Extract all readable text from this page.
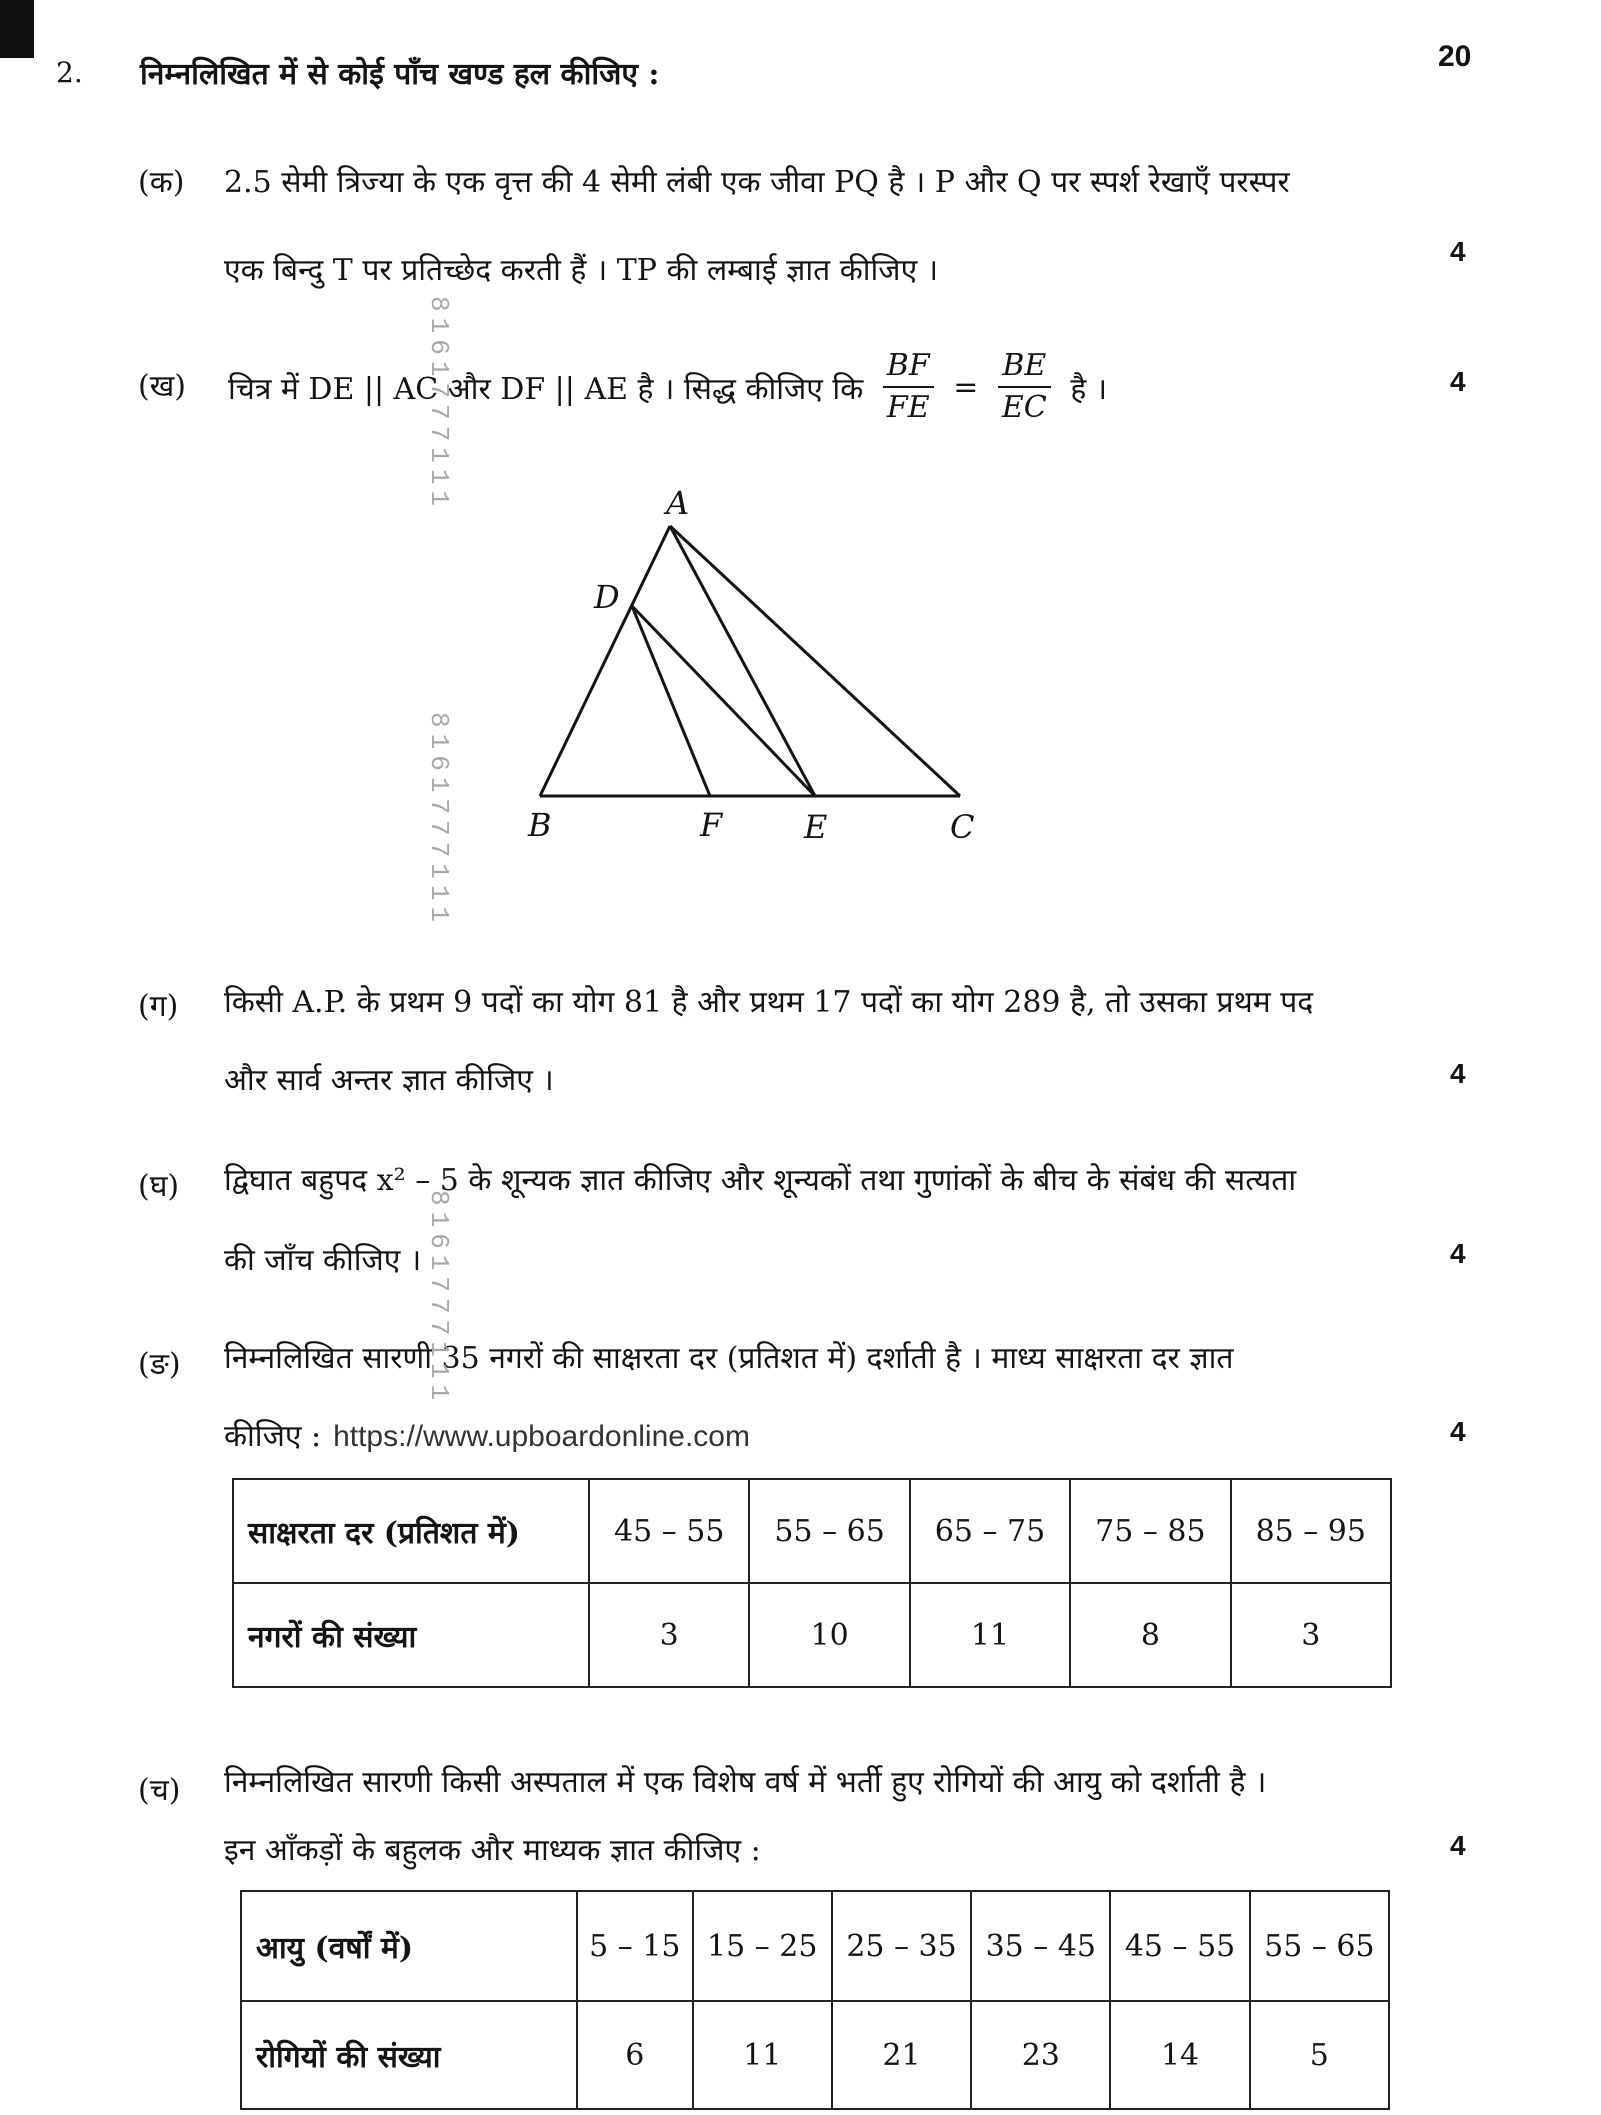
20
2. निम्नलिखित में से कोई पाँच खण्ड हल कीजिए :
(क) 2.5 सेमी त्रिज्या के एक वृत्त की 4 सेमी लंबी एक जीवा PQ है । P और Q पर स्पर्श रेखाएँ परस्पर
एक बिन्दु T पर प्रतिच्छेद करती हैं । TP की लम्बाई ज्ञात कीजिए ।
4
(ख) चित्र में DE || AC और DF || AE है । सिद्ध कीजिए कि $\frac{BF}{FE} = \frac{BE}{EC}$ है ।	4
A
D
B	F	E	C
(ग) किसी A.P. के प्रथम 9 पदों का योग 81 है और प्रथम 17 पदों का योग 289 है, तो उसका प्रथम पद
और सार्व अन्तर ज्ञात कीजिए ।	4
(घ) द्विघात बहुपद x² – 5 के शून्यक ज्ञात कीजिए और शून्यकों तथा गुणांकों के बीच के संबंध की सत्यता
की जाँच कीजिए ।	4
(ङ) निम्नलिखित सारणी 35 नगरों की साक्षरता दर (प्रतिशत में) दर्शाती है । माध्य साक्षरता दर ज्ञात
कीजिए : https://www.upboardonline.com	4
साक्षरता दर (प्रतिशत में)	45 – 55	55 – 65	65 – 75	75 – 85	85 – 95
नगरों की संख्या	3	10	11	8	3
(च) निम्नलिखित सारणी किसी अस्पताल में एक विशेष वर्ष में भर्ती हुए रोगियों की आयु को दर्शाती है ।
इन आँकड़ों के बहुलक और माध्यक ज्ञात कीजिए :	4
आयु (वर्षों में)	5 – 15	15 – 25	25 – 35	35 – 45	45 – 55	55 – 65
रोगियों की संख्या	6	11	21	23	14	5
8161777111
8161777111
8161777111
